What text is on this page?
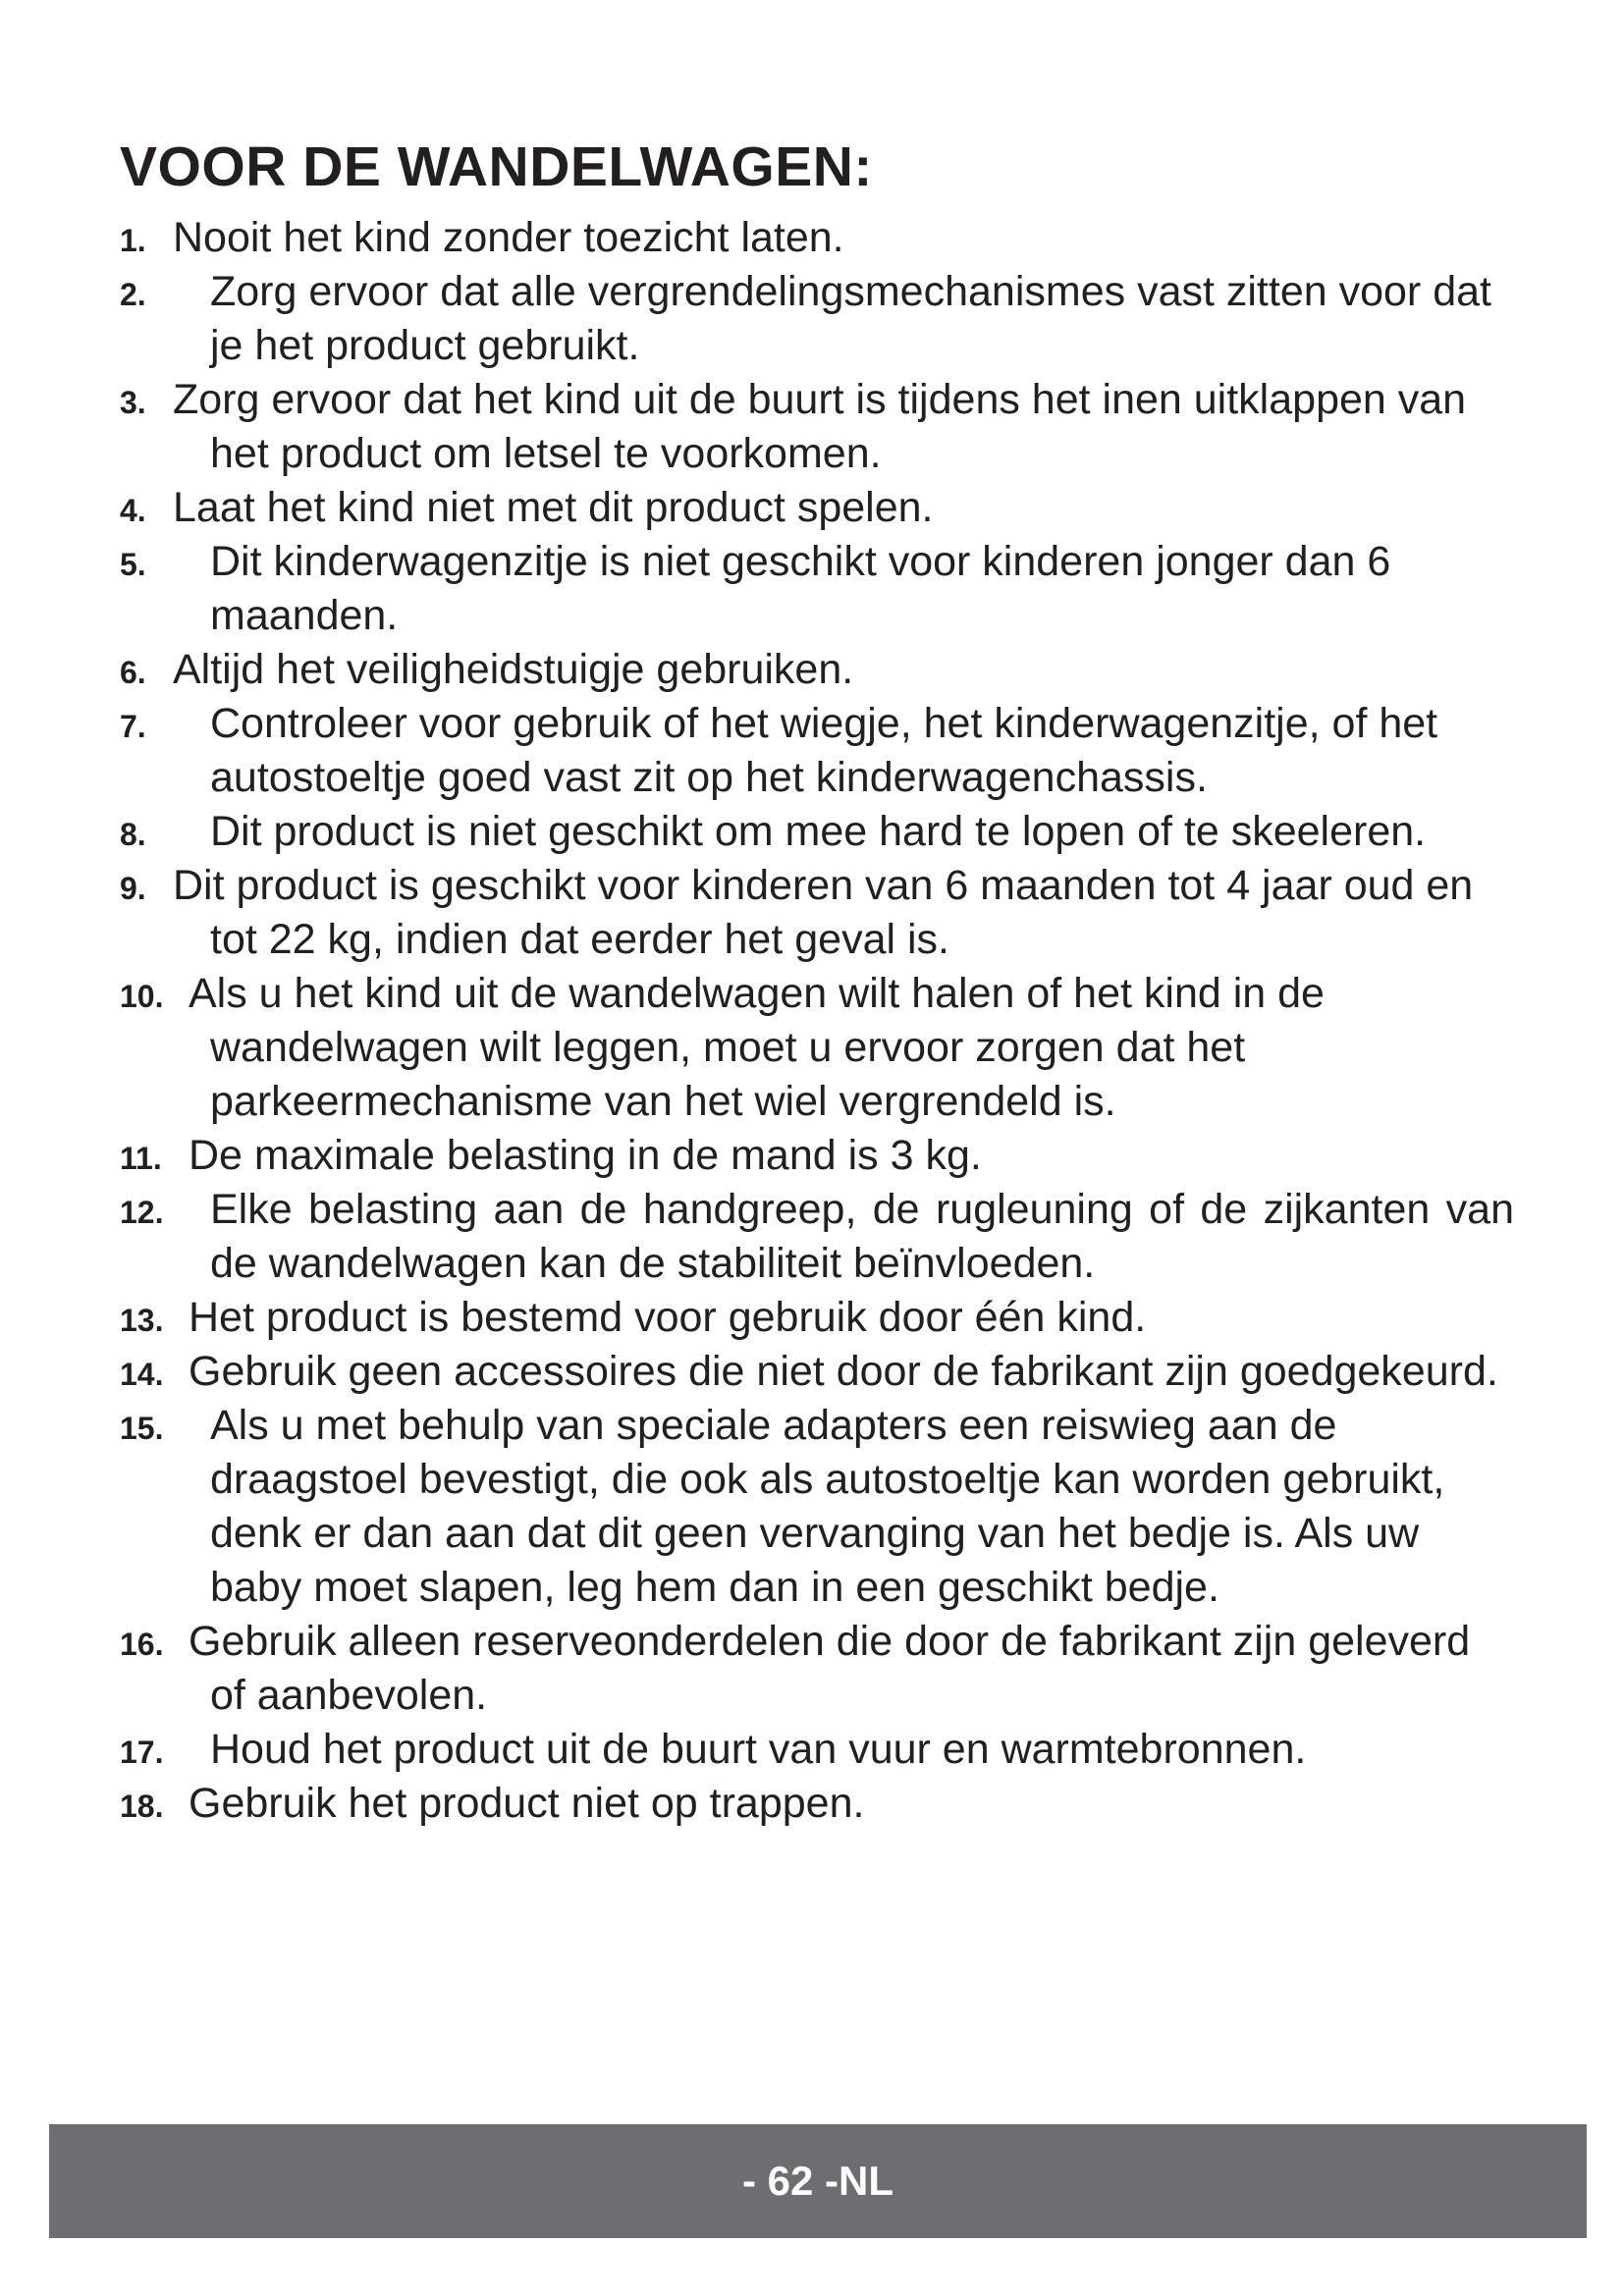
VOOR DE WANDELWAGEN:
1. Nooit het kind zonder toezicht laten.
2.	Zorg ervoor dat alle vergrendelingsmechanismes vast zitten voor dat je het product gebruikt.
3. Zorg ervoor dat het kind uit de buurt is tijdens het inen uitklappen van het product om letsel te voorkomen.
4. Laat het kind niet met dit product spelen.
5.	Dit kinderwagenzitje is niet geschikt voor kinderen jonger dan 6 maanden.
6. Altijd het veiligheidstuigje gebruiken.
7.	Controleer voor gebruik of het wiegje, het kinderwagenzitje, of het autostoeltje goed vast zit op het kinderwagenchassis.
8.	Dit product is niet geschikt om mee hard te lopen of te skeeleren.
9. Dit product is geschikt voor kinderen van 6 maanden tot 4 jaar oud en tot 22 kg, indien dat eerder het geval is.
10. Als u het kind uit de wandelwagen wilt halen of het kind in de wandelwagen wilt leggen, moet u ervoor zorgen dat het parkeermechanisme van het wiel vergrendeld is.
11. De maximale belasting in de mand is 3 kg.
12.	Elke belasting aan de handgreep, de rugleuning of de zijkanten van de wandelwagen kan de stabiliteit beïnvloeden.
13. Het product is bestemd voor gebruik door één kind.
14. Gebruik geen accessoires die niet door de fabrikant zijn goedgekeurd.
15.	Als u met behulp van speciale adapters een reiswieg aan de draagstoel bevestigt, die ook als autostoeltje kan worden gebruikt, denk er dan aan dat dit geen vervanging van het bedje is. Als uw baby moet slapen, leg hem dan in een geschikt bedje.
16. Gebruik alleen reserveonderdelen die door de fabrikant zijn geleverd of aanbevolen.
17.	Houd het product uit de buurt van vuur en warmtebronnen.
18. Gebruik het product niet op trappen.
- 62 -NL
